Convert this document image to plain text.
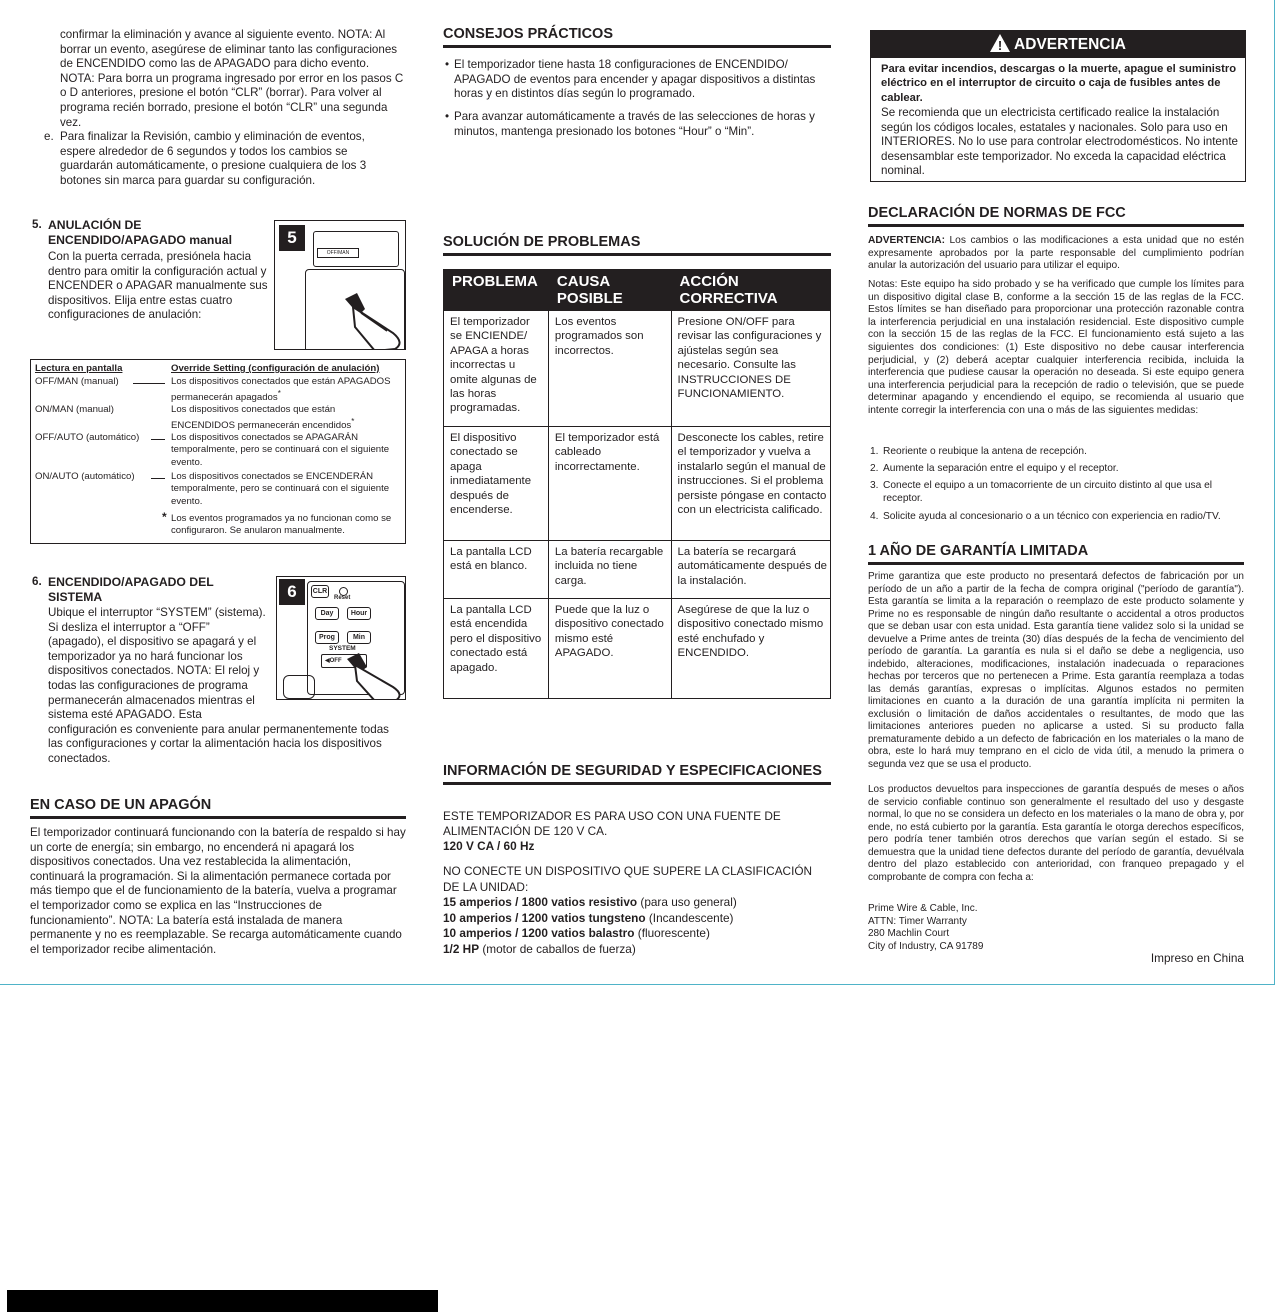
confirmar la eliminación y avance al siguiente evento. NOTA: Al borrar un evento, asegúrese de eliminar tanto las configuraciones de ENCENDIDO como las de APAGADO para dicho evento. NOTA: Para borra un programa ingresado por error en los pasos C o D anteriores, presione el botón “CLR” (borrar). Para volver al programa recién borrado, presione el botón “CLR” una segunda vez.

e. Para finalizar la Revisión, cambio y eliminación de eventos, espere alrededor de 6 segundos y todos los cambios se guardarán automáticamente, o presione cualquiera de los 3 botones sin marca para guardar su configuración.

5. ANULACIÓN DE ENCENDIDO/APAGADO manual

Con la puerta cerrada, presiónela hacia dentro para omitir la configuración actual y ENCENDER o APAGAR manualmente sus dispositivos. Elija entre estas cuatro configuraciones de anulación:

5
OFF/MAN
Lectura en pantalla	Override Setting (configuración de anulación)
OFF/MAN (manual)	Los dispositivos conectados que están APAGADOS permanecerán apagados*

ON/MAN (manual)	Los dispositivos conectados que están ENCENDIDOS permanecerán encendidos*

OFF/AUTO (automático)	Los dispositivos conectados se APAGARÁN temporalmente, pero se continuará con el siguiente evento.

ON/AUTO (automático)	Los dispositivos conectados se ENCENDERÁN temporalmente, pero se continuará con el siguiente evento.

* Los eventos programados ya no funcionan como se configuraron. Se anularon manualmente.

6. ENCENDIDO/APAGADO DEL SISTEMA

Ubique el interruptor “SYSTEM” (sistema). Si desliza el interruptor a “OFF” (apagado), el dispositivo se apagará y el temporizador ya no hará funcionar los dispositivos conectados. NOTA: El reloj y todas las configuraciones de programa permanecerán almacenados mientras el sistema esté APAGADO. Esta configuración es conveniente para anular permanentemente todas las configuraciones y cortar la alimentación hacia los dispositivos conectados.

6	CLR
Reset
Day	Hour
Prog	Min
SYSTEM
◀OFF
EN CASO DE UN APAGÓN

El temporizador continuará funcionando con la batería de respaldo si hay un corte de energía; sin embargo, no encenderá ni apagará los dispositivos conectados. Una vez restablecida la alimentación, continuará la programación. Si la alimentación permanece cortada por más tiempo que el de funcionamiento de la batería, vuelva a programar el temporizador como se explica en las “Instrucciones de funcionamiento”. NOTA: La batería está instalada de manera permanente y no es reemplazable. Se recarga automáticamente cuando el temporizador recibe alimentación.

CONSEJOS PRÁCTICOS
• El temporizador tiene hasta 18 configuraciones de ENCENDIDO/ APAGADO de eventos para encender y apagar dispositivos a distintas horas y en distintos días según lo programado.

• Para avanzar automáticamente a través de las selecciones de horas y minutos, mantenga presionado los botones “Hour” o “Min”.

SOLUCIÓN DE PROBLEMAS
PROBLEMA	CAUSA POSIBLE	ACCIÓN CORRECTIVA
El temporizador se ENCIENDE/ APAGA a horas incorrectas u omite algunas de las horas programadas.	Los eventos programados son incorrectos.	Presione ON/OFF para revisar las configuraciones y ajústelas según sea necesario. Consulte las INSTRUCCIONES DE FUNCIONAMIENTO.
El dispositivo conectado se apaga inmediatamente después de encenderse.	El temporizador está cableado incorrectamente.	Desconecte los cables, retire el temporizador y vuelva a instalarlo según el manual de instrucciones. Si el problema persiste póngase en contacto con un electricista calificado.
La pantalla LCD está en blanco.	La batería recargable incluida no tiene carga.	La batería se recargará automáticamente después de la instalación.
La pantalla LCD está encendida pero el dispositivo conectado está apagado.	Puede que la luz o dispositivo conectado mismo esté APAGADO.	Asegúrese de que la luz o dispositivo conectado mismo esté enchufado y ENCENDIDO.
INFORMACIÓN DE SEGURIDAD Y ESPECIFICACIONES

ESTE TEMPORIZADOR ES PARA USO CON UNA FUENTE DE ALIMENTACIÓN DE 120 V CA.
120 V CA / 60 Hz

NO CONECTE UN DISPOSITIVO QUE SUPERE LA CLASIFICACIÓN DE LA UNIDAD:
15 amperios / 1800 vatios resistivo (para uso general)
10 amperios / 1200 vatios tungsteno (Incandescente)
10 amperios / 1200 vatios balastro (fluorescente)
1/2 HP (motor de caballos de fuerza)

! ADVERTENCIA

Para evitar incendios, descargas o la muerte, apague el suministro eléctrico en el interruptor de circuito o caja de fusibles antes de cablear.

Se recomienda que un electricista certificado realice la instalación según los códigos locales, estatales y nacionales. Solo para uso en INTERIORES. No lo use para controlar electrodomésticos. No intente desensamblar este temporizador. No exceda la capacidad eléctrica nominal.

DECLARACIÓN DE NORMAS DE FCC

ADVERTENCIA: Los cambios o las modificaciones a esta unidad que no estén expresamente aprobados por la parte responsable del cumplimiento podrían anular la autorización del usuario para utilizar el equipo.

Notas: Este equipo ha sido probado y se ha verificado que cumple los límites para un dispositivo digital clase B, conforme a la sección 15 de las reglas de la FCC. Estos límites se han diseñado para proporcionar una protección razonable contra la interferencia perjudicial en una instalación residencial. Este dispositivo cumple con la sección 15 de las reglas de la FCC. El funcionamiento está sujeto a las siguientes dos condiciones: (1) Este dispositivo no debe causar interferencia perjudicial, y (2) deberá aceptar cualquier interferencia recibida, incluida la interferencia que pudiese causar la operación no deseada. Si este equipo genera una interferencia perjudicial para la recepción de radio o televisión, que se puede determinar apagando y encendiendo el equipo, se recomienda al usuario que intente corregir la interferencia con una o más de las siguientes medidas:

1. Reoriente o reubique la antena de recepción.

2. Aumente la separación entre el equipo y el receptor.

3. Conecte el equipo a un tomacorriente de un circuito distinto al que usa el receptor.

4. Solicite ayuda al concesionario o a un técnico con experiencia en radio/TV.

1 AÑO DE GARANTÍA LIMITADA

Prime garantiza que este producto no presentará defectos de fabricación por un período de un año a partir de la fecha de compra original ("período de garantía"). Esta garantía se limita a la reparación o reemplazo de este producto solamente y Prime no es responsable de ningún daño resultante o accidental a otros productos que se deban usar con esta unidad. Esta garantía tiene validez solo si la unidad se devuelve a Prime antes de treinta (30) días después de la fecha de vencimiento del período de garantía. La garantía es nula si el daño se debe a negligencia, uso indebido, alteraciones, modificaciones, instalación inadecuada o reparaciones hechas por terceros que no pertenecen a Prime. Esta garantía reemplaza a todas las demás garantías, expresas o implícitas. Algunos estados no permiten limitaciones en cuanto a la duración de una garantía implícita ni permiten la exclusión o limitación de daños accidentales o resultantes, de modo que las limitaciones anteriores pueden no aplicarse a usted. Si su producto falla prematuramente debido a un defecto de fabricación en los materiales o la mano de obra, este lo hará muy temprano en el ciclo de vida útil, a menudo la primera o segunda vez que se usa el producto.

Los productos devueltos para inspecciones de garantía después de meses o años de servicio confiable continuo son generalmente el resultado del uso y desgaste normal, lo que no se considera un defecto en los materiales o la mano de obra y, por ende, no está cubierto por la garantía. Esta garantía le otorga derechos específicos, pero podría tener también otros derechos que varían según el estado. Si se demuestra que la unidad tiene defectos durante del período de garantía, devuélvala dentro del plazo establecido con anterioridad, con franqueo prepagado y el comprobante de compra con fecha a:

Prime Wire & Cable, Inc.
ATTN: Timer Warranty
280 Machlin Court
City of Industry, CA 91789
Impreso en China
